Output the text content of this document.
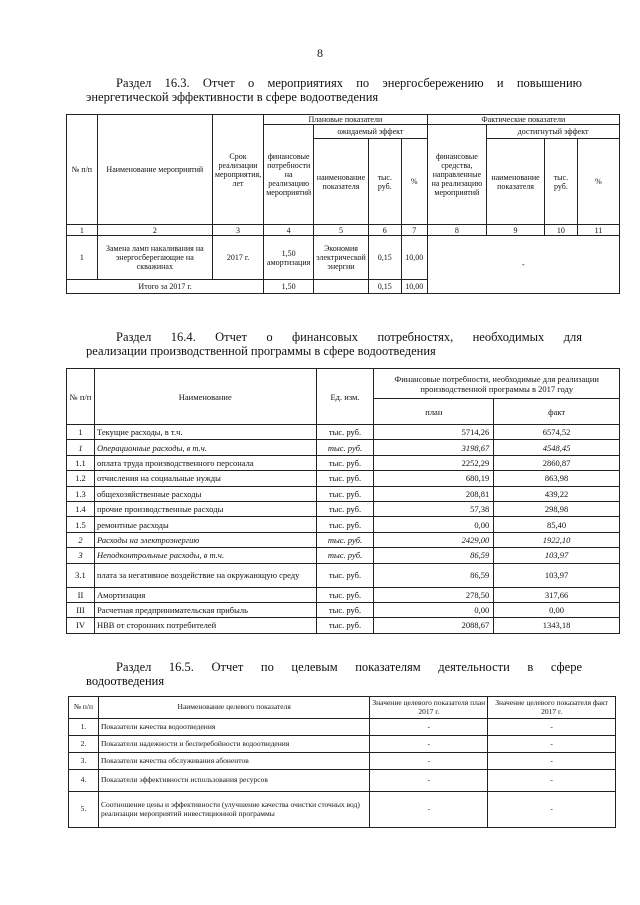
8
Раздел 16.3. Отчет о мероприятиях по энергосбережению и повышению
энергетической эффективности в сфере водоотведения
№ п/п	Наименование мероприятий	Срок реализации мероприятия, лет	Плановые показатели				Фактические показатели			
			финансовые потребности на реализацию мероприятий	ожидаемый эффект			финансовые средства, направленные на реализацию мероприятий	достигнутый эффект		
				наименование показателя	тыс. руб.	%		наименование показателя	тыс. руб.	%
1	2	3	4	5	6	7	8	9	10	11
1	Замена ламп накаливания на энергосберегающие на скважинах	2017 г.	1,50 амортизация	Экономия электрической энергии	0,15	10,00	-			
Итого за 2017 г.			1,50		0,15	10,00				
Раздел 16.4. Отчет о финансовых потребностях, необходимых для
реализации производственной программы в сфере водоотведения
№ п/п	Наименование	Ед. изм.	Финансовые потребности, необходимые для реализации производственной программы в 2017 году	
			план	факт
1	Текущие расходы, в т.ч.	тыс. руб.	5714,26	6574,52
1	Операционные расходы, в т.ч.	тыс. руб.	3198,67	4548,45
1.1	оплата труда производственного персонала	тыс. руб.	2252,29	2860,87
1.2	отчисления на социальные нужды	тыс. руб.	680,19	863,98
1.3	общехозяйственные расходы	тыс. руб.	208,81	439,22
1.4	прочие производственные расходы	тыс. руб.	57,38	298,98
1.5	ремонтные расходы	тыс. руб.	0,00	85,40
2	Расходы на электроэнергию	тыс. руб.	2429,00	1922,10
3	Неподконтрольные расходы, в т.ч.	тыс. руб.	86,59	103,97
3.1	плата за негативное воздействие на окружающую среду	тыс. руб.	86,59	103,97
II	Амортизация	тыс. руб.	278,50	317,66
III	Расчетная предпринимательская прибыль	тыс. руб.	0,00	0,00
IV	НВВ от сторонних потребителей	тыс. руб.	2088,67	1343,18
Раздел 16.5. Отчет по целевым показателям деятельности в сфере
водоотведения
№ п/п	Наименование целевого показателя	Значение целевого показателя план 2017 г.	Значение целевого показателя факт 2017 г.
1.	Показатели качества водоотведения	-	-
2.	Показатели надежности и бесперебойности водоотведения	-	-
3.	Показатели качества обслуживания абонентов	-	-
4.	Показатели эффективности использования ресурсов	-	-
5.	Соотношение цены и эффективности (улучшение качества очистки сточных вод) реализации мероприятий инвестиционной программы	-	-
